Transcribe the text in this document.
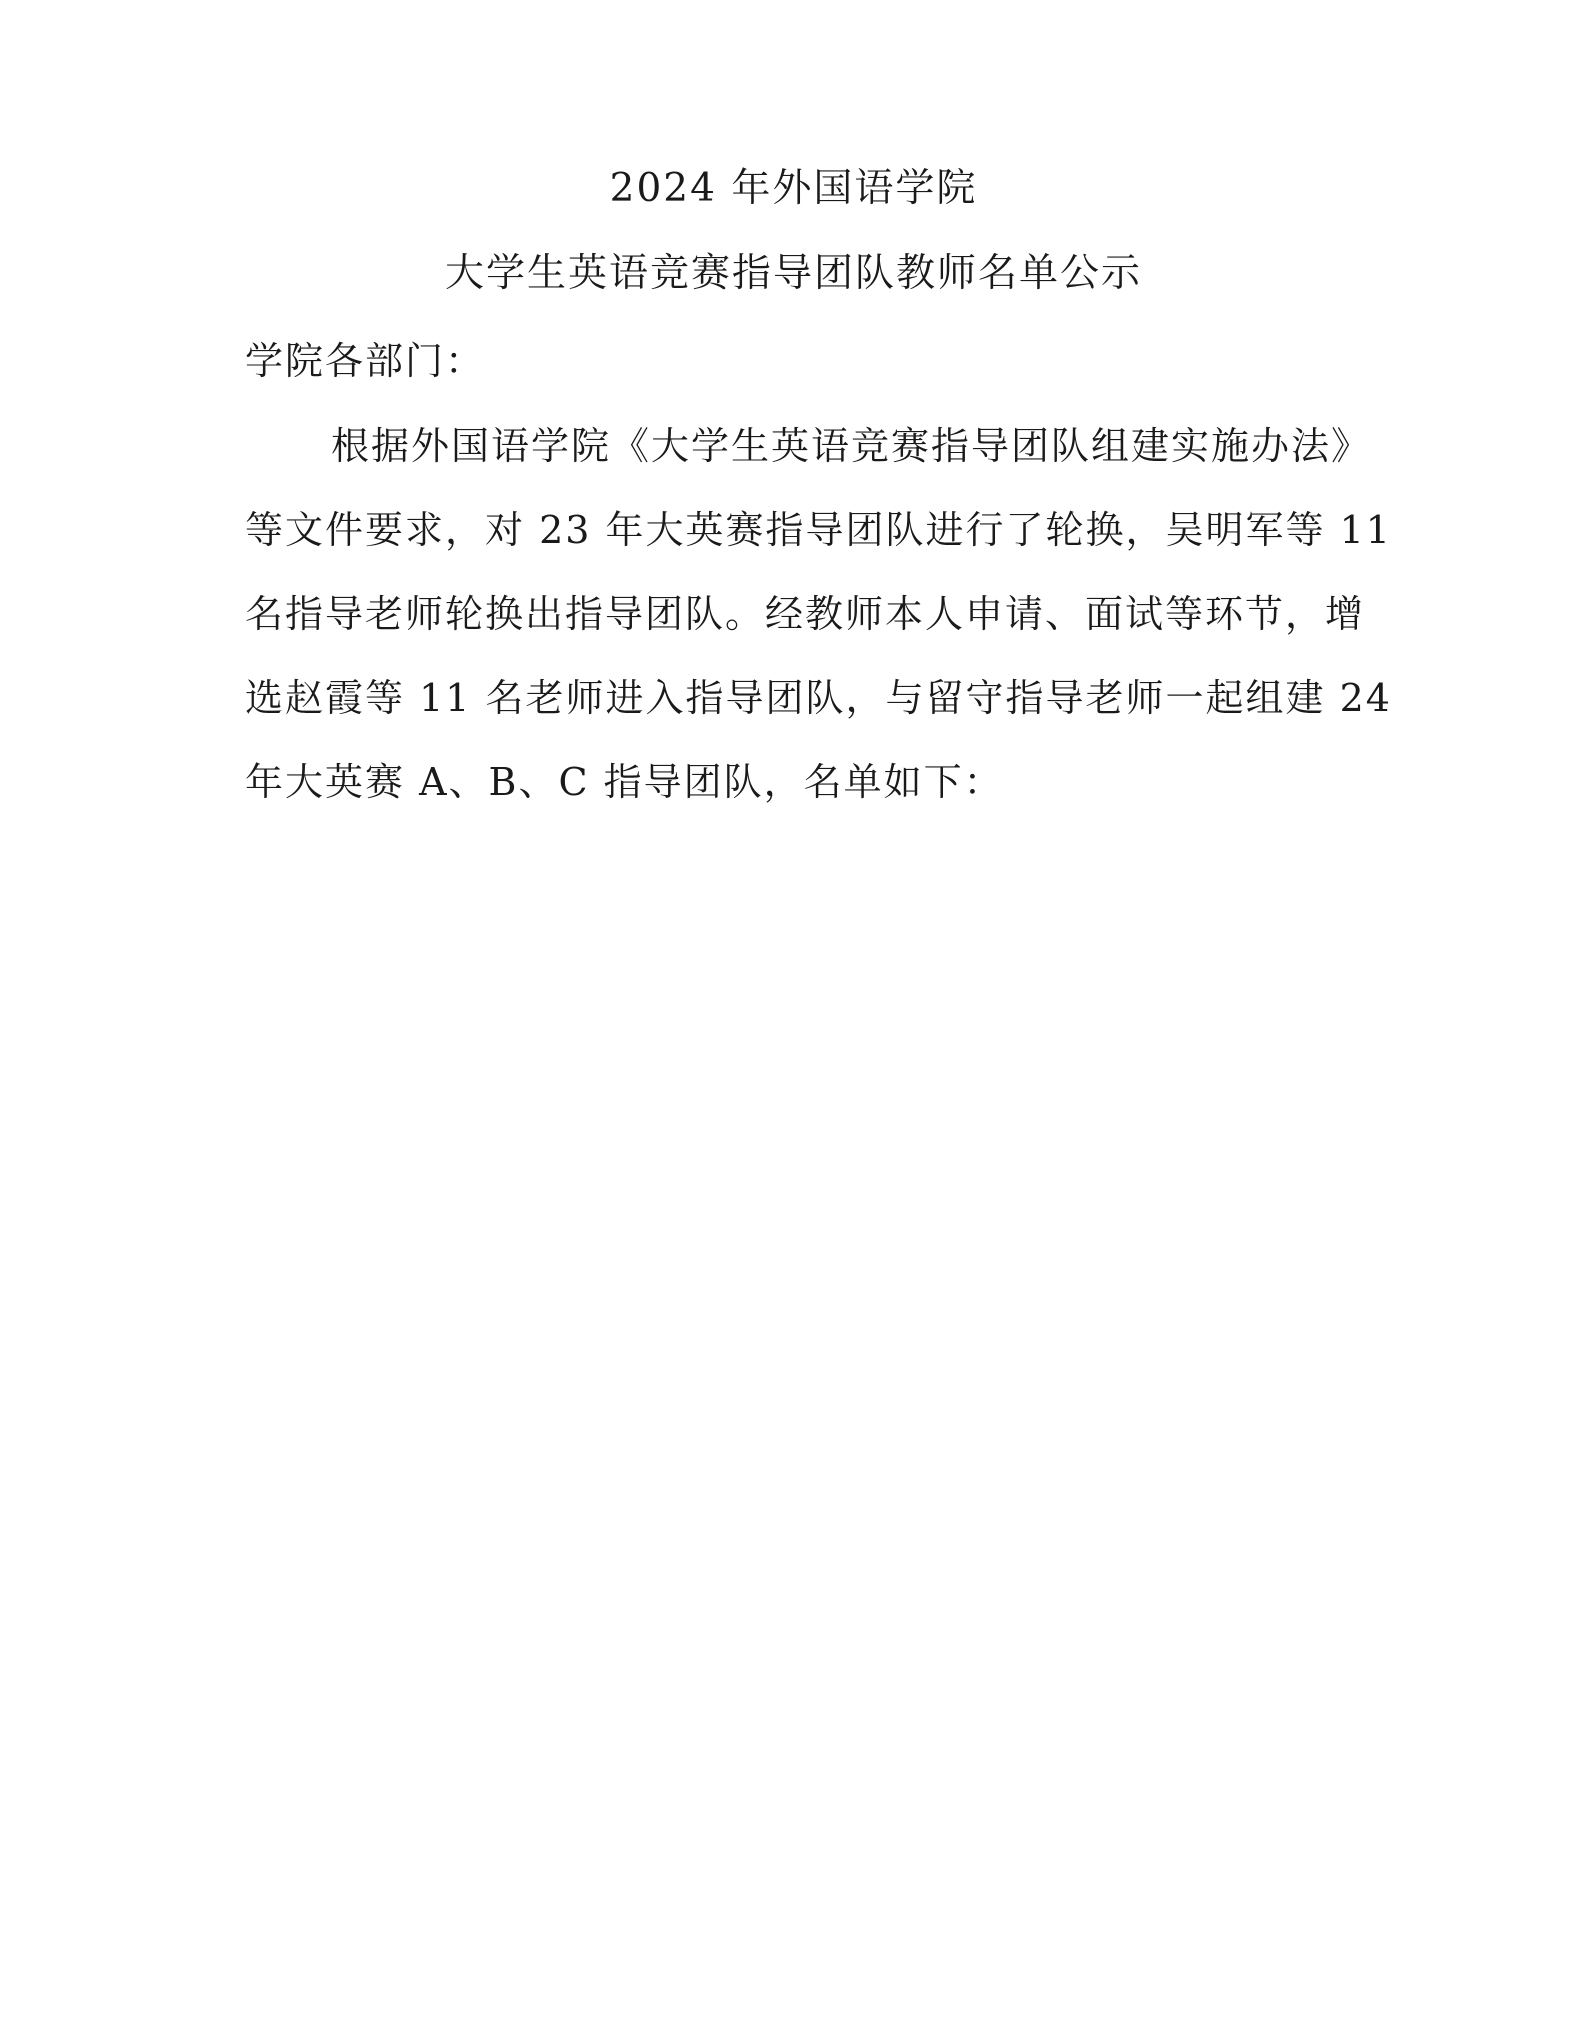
2024 年外国语学院
大学生英语竞赛指导团队教师名单公示
学院各部门：
根据外国语学院《大学生英语竞赛指导团队组建实施办法》
等文件要求，对 23 年大英赛指导团队进行了轮换，吴明军等 11
名指导老师轮换出指导团队。经教师本人申请、面试等环节，增
选赵霞等 11 名老师进入指导团队，与留守指导老师一起组建 24
年大英赛 A、B、C 指导团队，名单如下：
